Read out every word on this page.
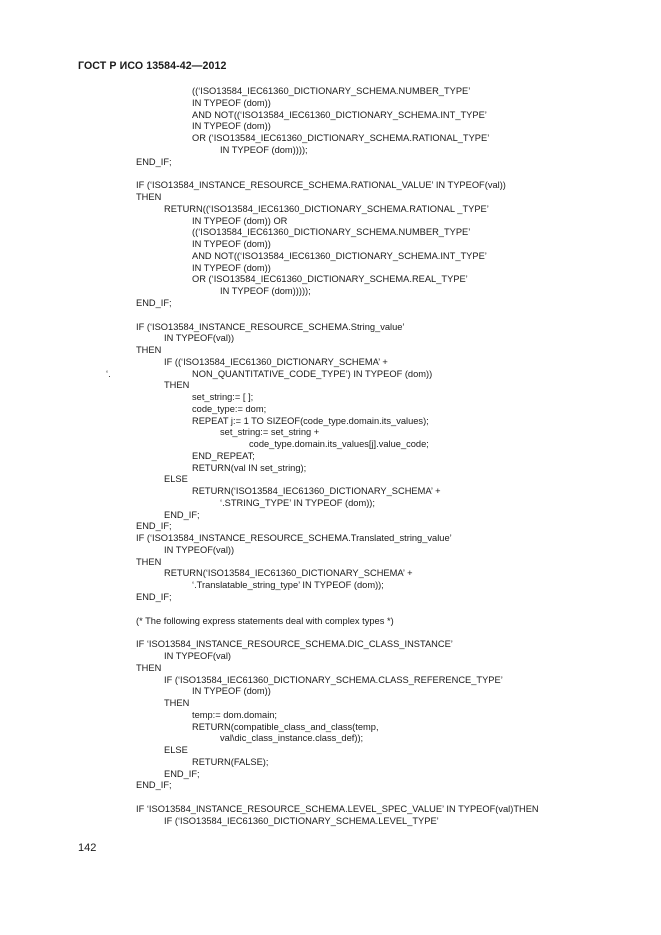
ГОСТ Р ИСО 13584-42—2012
((‘ISO13584_IEC61360_DICTIONARY_SCHEMA.NUMBER_TYPE’
IN TYPEOF (dom))
AND NOT((‘ISO13584_IEC61360_DICTIONARY_SCHEMA.INT_TYPE’
IN TYPEOF (dom))
OR (‘ISO13584_IEC61360_DICTIONARY_SCHEMA.RATIONAL_TYPE’
IN TYPEOF (dom))));
END_IF;
IF (‘ISO13584_INSTANCE_RESOURCE_SCHEMA.RATIONAL_VALUE’ IN TYPEOF(val))
THEN
RETURN((‘ISO13584_IEC61360_DICTIONARY_SCHEMA.RATIONAL _TYPE’
IN TYPEOF (dom)) OR
((‘ISO13584_IEC61360_DICTIONARY_SCHEMA.NUMBER_TYPE’
IN TYPEOF (dom))
AND NOT((‘ISO13584_IEC61360_DICTIONARY_SCHEMA.INT_TYPE’
IN TYPEOF (dom))
OR (‘ISO13584_IEC61360_DICTIONARY_SCHEMA.REAL_TYPE’
IN TYPEOF (dom)))));
END_IF;
IF (‘ISO13584_INSTANCE_RESOURCE_SCHEMA.String_value’
IN TYPEOF(val))
THEN
IF ((‘ISO13584_IEC61360_DICTIONARY_SCHEMA’ +
‘.	NON_QUANTITATIVE_CODE_TYPE’) IN TYPEOF (dom))
THEN
set_string:= [ ];
code_type:= dom;
REPEAT j:= 1 TO SIZEOF(code_type.domain.its_values);
set_string:= set_string +
code_type.domain.its_values[j].value_code;
END_REPEAT;
RETURN(val IN set_string);
ELSE
RETURN(‘ISO13584_IEC61360_DICTIONARY_SCHEMA’ +
‘.STRING_TYPE’ IN TYPEOF (dom));
END_IF;
END_IF;
IF (‘ISO13584_INSTANCE_RESOURCE_SCHEMA.Translated_string_value’
IN TYPEOF(val))
THEN
RETURN(‘ISO13584_IEC61360_DICTIONARY_SCHEMA’ +
‘.Translatable_string_type’ IN TYPEOF (dom));
END_IF;
(* The following express statements deal with complex types *)
IF ‘ISO13584_INSTANCE_RESOURCE_SCHEMA.DIC_CLASS_INSTANCE’
IN TYPEOF(val)
THEN
IF (‘ISO13584_IEC61360_DICTIONARY_SCHEMA.CLASS_REFERENCE_TYPE’
IN TYPEOF (dom))
THEN
temp:= dom.domain;
RETURN(compatible_class_and_class(temp,
val\dic_class_instance.class_def));
ELSE
RETURN(FALSE);
END_IF;
END_IF;
IF ‘ISO13584_INSTANCE_RESOURCE_SCHEMA.LEVEL_SPEC_VALUE’ IN TYPEOF(val)THEN
IF (‘ISO13584_IEC61360_DICTIONARY_SCHEMA.LEVEL_TYPE’
142
